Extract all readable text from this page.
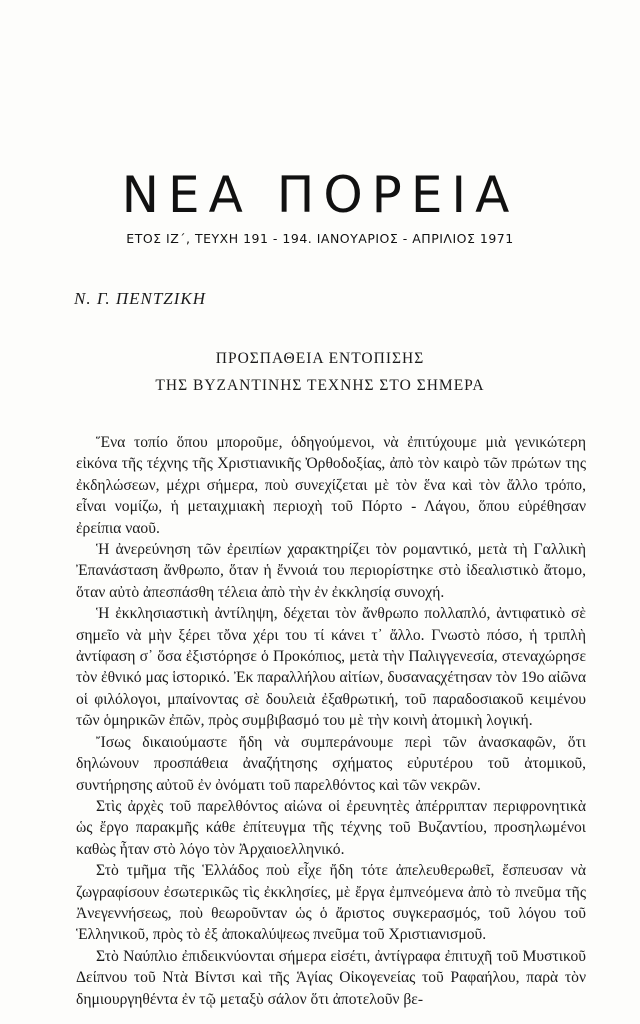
ΝΕΑ ΠΟΡΕΙΑ
ΕΤΟΣ ΙΖ΄, ΤΕΥΧΗ 191 - 194. ΙΑΝΟΥΑΡΙΟΣ - ΑΠΡΙΛΙΟΣ 1971
Ν. Γ. ΠΕΝΤΖΙΚΗ
ΠΡΟΣΠΑΘΕΙΑ ΕΝΤΟΠΙΣΗΣ
ΤΗΣ ΒΥΖΑΝΤΙΝΗΣ ΤΕΧΝΗΣ ΣΤΟ ΣΗΜΕΡΑ

Ἕνα τοπίο ὅπου μποροῦμε, ὁδηγούμενοι, νὰ ἐπιτύχουμε μιὰ γενικώτερη εἰκόνα τῆς τέχνης τῆς Χριστιανικῆς Ὀρθοδοξίας, ἀπὸ τὸν καιρὸ τῶν πρώτων της ἐκδηλώσεων, μέχρι σήμερα, ποὺ συνεχίζεται μὲ τὸν ἕνα καὶ τὸν ἄλλο τρόπο, εἶναι νομίζω, ἡ μεταιχμιακὴ περιοχὴ τοῦ Πόρτο - Λάγου, ὅπου εὑρέθησαν ἐρείπια ναοῦ.

Ἡ ἀνερεύνηση τῶν ἐρειπίων χαρακτηρίζει τὸν ρομαντικό, μετὰ τὴ Γαλλικὴ Ἐπανάσταση ἄνθρωπο, ὅταν ἡ ἔννοιά του περιορίστηκε στὸ ἰδεαλιστικὸ ἄτομο, ὅταν αὐτὸ ἀπεσπάσθη τέλεια ἀπὸ τὴν ἐν ἐκκλησίᾳ συνοχή.

Ἡ ἐκκλησιαστικὴ ἀντίληψη, δέχεται τὸν ἄνθρωπο πολλαπλό, ἀντιφατικὸ σὲ σημεῖο νὰ μὴν ξέρει τὄνα χέρι του τί κάνει τ᾽ ἄλλο. Γνωστὸ πόσο, ἡ τριπλὴ ἀντίφαση σ᾽ ὅσα ἐξιστόρησε ὁ Προκόπιος, μετὰ τὴν Παλιγγενεσία, στεναχώρησε τὸν ἐθνικό μας ἱστορικό. Ἐκ παραλλήλου αἰτίων, δυσαναςχέτησαν τὸν 19ο αἰῶνα οἱ φιλόλογοι, μπαίνοντας σὲ δουλειὰ ἐξαθρωτική, τοῦ παραδοσιακοῦ κειμένου τῶν ὁμηρικῶν ἐπῶν, πρὸς συμβιβασμό του μὲ τὴν κοινὴ ἀτομικὴ λογική.

Ἴσως δικαιούμαστε ἤδη νὰ συμπεράνουμε περὶ τῶν ἀνασκαφῶν, ὅτι δηλώνουν προσπάθεια ἀναζήτησης σχήματος εὐρυτέρου τοῦ ἀτομικοῦ, συντήρησης αὐτοῦ ἐν ὀνόματι τοῦ παρελθόντος καὶ τῶν νεκρῶν.

Στὶς ἀρχὲς τοῦ παρελθόντος αἰώνα οἱ ἐρευνητὲς ἀπέρριπταν περιφρονητικὰ ὡς ἔργο παρακμῆς κάθε ἐπίτευγμα τῆς τέχνης τοῦ Βυζαντίου, προσηλωμένοι καθὼς ἦταν στὸ λόγο τὸν Ἀρχαιοελληνικό.

Στὸ τμῆμα τῆς Ἑλλάδος ποὺ εἶχε ἤδη τότε ἀπελευθερωθεῖ, ἔσπευσαν νὰ ζωγραφίσουν ἐσωτερικῶς τὶς ἐκκλησίες, μὲ ἔργα ἐμπνεόμενα ἀπὸ τὸ πνεῦμα τῆς Ἀνεγεννήσεως, ποὺ θεωροῦνταν ὡς ὁ ἄριστος συγκερασμός, τοῦ λόγου τοῦ Ἑλληνικοῦ, πρὸς τὸ ἐξ ἀποκαλύψεως πνεῦμα τοῦ Χριστιανισμοῦ.

Στὸ Ναύπλιο ἐπιδεικνύονται σήμερα εἰσέτι, ἀντίγραφα ἐπιτυχῆ τοῦ Μυστικοῦ Δείπνου τοῦ Ντὰ Βίντσι καὶ τῆς Ἁγίας Οἰκογενείας τοῦ Ραφαήλου, παρὰ τὸν δημιουργηθέντα ἐν τῷ μεταξὺ σάλον ὅτι ἀποτελοῦν βε-
